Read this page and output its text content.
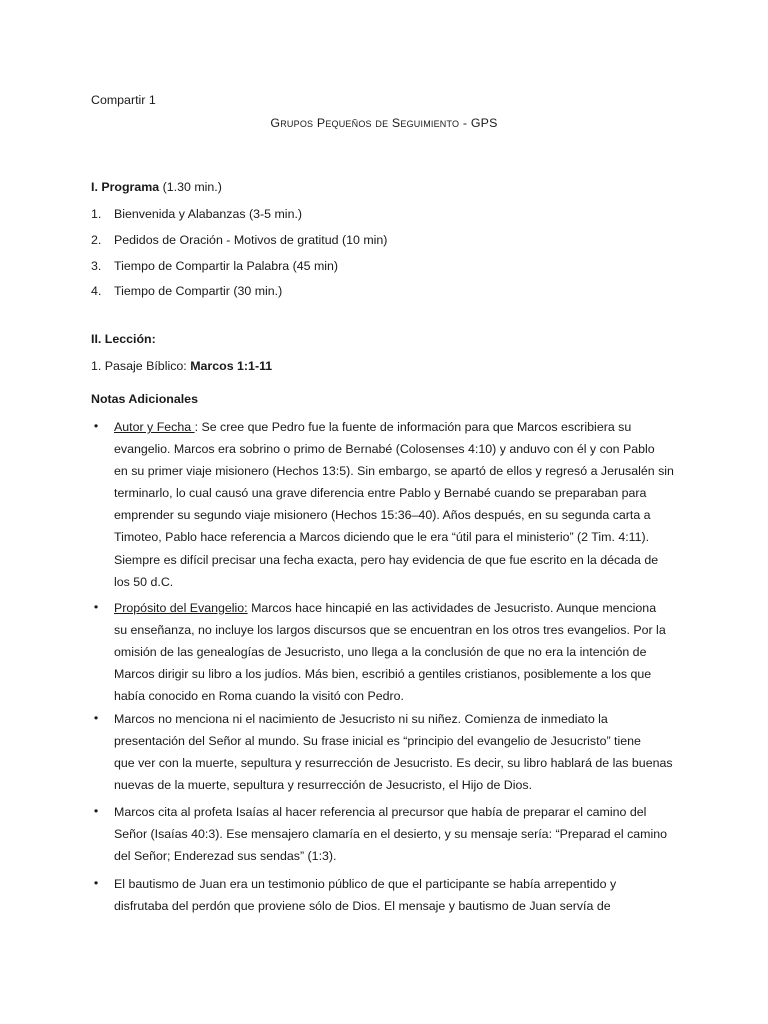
Compartir 1
Grupos Pequeños de Seguimiento - GPS
I. Programa (1.30 min.)
1.	Bienvenida y Alabanzas (3-5 min.)
2.	Pedidos de Oración - Motivos de gratitud (10 min)
3.	Tiempo de Compartir la Palabra (45 min)
4.	Tiempo de Compartir (30 min.)
II. Lección:
1. Pasaje Bíblico: Marcos 1:1-11
Notas Adicionales
• Autor y Fecha : Se cree que Pedro fue la fuente de información para que Marcos escribiera su
evangelio. Marcos era sobrino o primo de Bernabé (Colosenses 4:10) y anduvo con él y con Pablo
en su primer viaje misionero (Hechos 13:5). Sin embargo, se apartó de ellos y regresó a Jerusalén sin
terminarlo, lo cual causó una grave diferencia entre Pablo y Bernabé cuando se preparaban para
emprender su segundo viaje misionero (Hechos 15:36–40). Años después, en su segunda carta a
Timoteo, Pablo hace referencia a Marcos diciendo que le era “útil para el ministerio” (2 Tim. 4:11).
Siempre es difícil precisar una fecha exacta, pero hay evidencia de que fue escrito en la década de
los 50 d.C.
• Propósito del Evangelio: Marcos hace hincapié en las actividades de Jesucristo. Aunque menciona
su enseñanza, no incluye los largos discursos que se encuentran en los otros tres evangelios. Por la
omisión de las genealogías de Jesucristo, uno llega a la conclusión de que no era la intención de
Marcos dirigir su libro a los judíos. Más bien, escribió a gentiles cristianos, posiblemente a los que
había conocido en Roma cuando la visitó con Pedro.
• Marcos no menciona ni el nacimiento de Jesucristo ni su niñez. Comienza de inmediato la
presentación del Señor al mundo. Su frase inicial es “principio del evangelio de Jesucristo” tiene
que ver con la muerte, sepultura y resurrección de Jesucristo. Es decir, su libro hablará de las buenas
nuevas de la muerte, sepultura y resurrección de Jesucristo, el Hijo de Dios.
• Marcos cita al profeta Isaías al hacer referencia al precursor que había de preparar el camino del
Señor (Isaías 40:3). Ese mensajero clamaría en el desierto, y su mensaje sería: “Preparad el camino
del Señor; Enderezad sus sendas” (1:3).
• El bautismo de Juan era un testimonio público de que el participante se había arrepentido y
disfrutaba del perdón que proviene sólo de Dios. El mensaje y bautismo de Juan servía de
